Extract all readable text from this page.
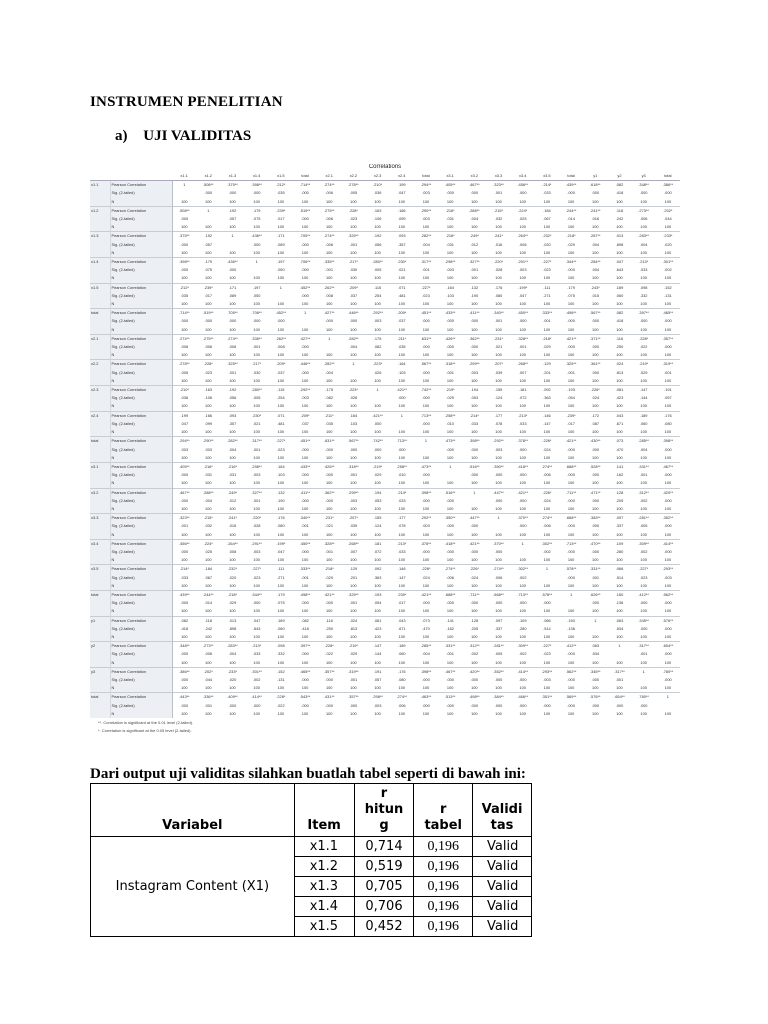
INSTRUMEN PENELITIAN
a) UJI VALIDITAS
Correlations
		x1.1	x1.2	x1.3	x1.4	x1.5	total	x2.1	x2.2	x2.3	x2.4	total	x3.1	x3.2	x3.3	x3.4	x3.5	total	y1	y2	y3	total
x1.1	Pearson Correlation	1	.508**	.375**	.398**	.212*	.714**	.274**	.278**	.210*	.199	.294**	.405**	.467**	.323**	.456**	.214*	.439**	.618**	.082	.348**	.386**
	Sig. (2-tailed)		.000	.000	.000	.035	.000	.006	.005	.036	.047	.003	.000	.000	.001	.000	.033	.000	.000	.418	.000	.000
	N	100	100	100	100	100	100	100	100	100	100	100	100	100	100	100	100	100	100	100	100	100
x1.2	Pearson Correlation	.508**	1	.192	.179	.239*	.519**	.275**	.228*	.163	.166	.290**	.216*	.288**	.215*	.224*	.184	.244**	.241**	.118	.273**	.202*
	Sig. (2-tailed)	.000		.057	.075	.017	.000	.006	.023	.106	.099	.003	.031	.004	.032	.025	.067	.014	.016	.242	.006	.044
	N	100	100	100	100	100	100	100	100	100	100	100	100	100	100	100	100	100	100	100	100	100
x1.3	Pearson Correlation	.375**	.192	1	.436**	.171	.705**	.274**	.325**	.192	.093	.282**	.216*	.249*	.241*	.264**	.232*	.218*	.287**	.013	.283**	.233*
	Sig. (2-tailed)	.000	.057		.000	.089	.000	.006	.001	.056	.357	.004	.031	.012	.016	.008	.020	.029	.004	.898	.004	.020
	N	100	100	100	100	100	100	100	100	100	100	100	100	100	100	100	100	100	100	100	100	100
x1.4	Pearson Correlation	.398**	.179	.436**	1	.197	.706**	.335**	.217*	.280**	.230*	.317**	.298**	.327**	.220*	.291**	.227*	.344**	.284**	.047	.213*	.301**
	Sig. (2-tailed)	.000	.075	.000		.050	.000	.001	.030	.005	.021	.001	.003	.001	.028	.003	.023	.000	.004	.643	.033	.002
	N	100	100	100	100	100	100	100	100	100	100	100	100	100	100	100	100	100	100	100	100	100
x1.5	Pearson Correlation	.212*	.239*	.171	.197	1	.452**	.262**	.209*	.115	.071	.227*	.164	.132	.176	.199*	.111	.179	.243*	.189	.098	.152
	Sig. (2-tailed)	.035	.017	.089	.050		.000	.008	.037	.254	.481	.023	.103	.190	.080	.047	.271	.075	.015	.060	.332	.131
	N	100	100	100	100	100	100	100	100	100	100	100	100	100	100	100	100	100	100	100	100	100
total	Pearson Correlation	.714**	.519**	.705**	.706**	.452**	1	.427**	.446**	.292**	.209*	.451**	.433**	.411**	.340**	.450**	.333**	.498**	.567**	.082	.397**	.465**
	Sig. (2-tailed)	.000	.000	.000	.000	.000		.000	.000	.003	.037	.000	.000	.000	.001	.000	.001	.000	.000	.418	.000	.000
	N	100	100	100	100	100	100	100	100	100	100	100	100	100	100	100	100	100	100	100	100	100
x2.1	Pearson Correlation	.274**	.275**	.274**	.335**	.262**	.427**	1	.282**	.175	.211*	.631**	.426**	.362**	.231*	.328**	.218*	.421**	.371**	.116	.228*	.357**
	Sig. (2-tailed)	.006	.006	.006	.001	.008	.000		.004	.082	.035	.000	.000	.000	.021	.001	.029	.000	.000	.250	.022	.000
	N	100	100	100	100	100	100	100	100	100	100	100	100	100	100	100	100	100	100	100	100	100
x2.2	Pearson Correlation	.278**	.228*	.325**	.217*	.209*	.446**	.282**	1	.223*	.164	.567**	.318**	.299**	.207*	.268**	.129	.325**	.361**	.024	.219*	.319**
	Sig. (2-tailed)	.005	.023	.001	.030	.037	.000	.004		.026	.103	.000	.001	.003	.039	.007	.201	.001	.000	.813	.029	.001
	N	100	100	100	100	100	100	100	100	100	100	100	100	100	100	100	100	100	100	100	100	100
x2.3	Pearson Correlation	.210*	.163	.192	.280**	.115	.292**	.175	.223*	1	.421**	.742**	.219*	.194	.155	.181	.092	.193	.226*	.081	.147	.191
	Sig. (2-tailed)	.036	.106	.056	.005	.254	.003	.082	.026		.000	.000	.029	.053	.124	.072	.363	.054	.024	.423	.144	.057
	N	100	100	100	100	100	100	100	100	100	100	100	100	100	100	100	100	100	100	100	100	100
x2.4	Pearson Correlation	.199	.166	.093	.230*	.071	.209*	.211*	.164	.421**	1	.713**	.258**	.214*	.177	.213*	.146	.239*	.172	.043	.189	.176
	Sig. (2-tailed)	.047	.099	.357	.021	.481	.037	.035	.103	.000		.000	.010	.033	.078	.033	.147	.017	.087	.671	.060	.080
	N	100	100	100	100	100	100	100	100	100	100	100	100	100	100	100	100	100	100	100	100	100
total	Pearson Correlation	.294**	.290**	.282**	.317**	.227*	.451**	.631**	.567**	.742**	.713**	1	.473**	.398**	.292**	.378**	.226*	.421**	.430**	.073	.285**	.398**
	Sig. (2-tailed)	.003	.003	.004	.001	.023	.000	.000	.000	.000	.000		.000	.000	.003	.000	.024	.000	.000	.470	.004	.000
	N	100	100	100	100	100	100	100	100	100	100	100	100	100	100	100	100	100	100	100	100	100
x3.1	Pearson Correlation	.405**	.216*	.216*	.298**	.164	.433**	.426**	.318**	.219*	.258**	.473**	1	.516**	.350**	.418**	.274**	.688**	.528**	.141	.331**	.467**
	Sig. (2-tailed)	.000	.031	.031	.003	.103	.000	.000	.001	.029	.010	.000		.000	.000	.000	.006	.000	.000	.162	.001	.000
	N	100	100	100	100	100	100	100	100	100	100	100	100	100	100	100	100	100	100	100	100	100
x3.2	Pearson Correlation	.467**	.288**	.249*	.327**	.132	.411**	.362**	.299**	.194	.214*	.398**	.516**	1	.447**	.421**	.226*	.711**	.471**	.128	.312**	.420**
	Sig. (2-tailed)	.000	.004	.012	.001	.190	.000	.000	.003	.053	.033	.000	.000		.000	.000	.024	.000	.000	.205	.002	.000
	N	100	100	100	100	100	100	100	100	100	100	100	100	100	100	100	100	100	100	100	100	100
x3.3	Pearson Correlation	.323**	.215*	.241*	.220*	.176	.340**	.231*	.207*	.155	.177	.292**	.350**	.447**	1	.370**	.274**	.668**	.383**	.097	.281**	.352**
	Sig. (2-tailed)	.001	.032	.016	.028	.080	.001	.021	.039	.124	.078	.003	.000	.000		.000	.006	.000	.000	.337	.005	.000
	N	100	100	100	100	100	100	100	100	100	100	100	100	100	100	100	100	100	100	100	100	100
x3.4	Pearson Correlation	.456**	.224*	.264**	.291**	.199*	.450**	.328**	.268**	.181	.213*	.378**	.418**	.421**	.370**	1	.302**	.713**	.470**	.109	.309**	.414**
	Sig. (2-tailed)	.000	.025	.008	.003	.047	.000	.001	.007	.072	.033	.000	.000	.000	.000		.002	.000	.000	.280	.002	.000
	N	100	100	100	100	100	100	100	100	100	100	100	100	100	100	100	100	100	100	100	100	100
x3.5	Pearson Correlation	.214*	.184	.232*	.227*	.111	.333**	.218*	.129	.092	.146	.226*	.274**	.226*	.274**	.302**	1	.578**	.331**	.066	.227*	.293**
	Sig. (2-tailed)	.033	.067	.020	.023	.271	.001	.029	.201	.363	.147	.024	.006	.024	.006	.002		.000	.001	.514	.023	.003
	N	100	100	100	100	100	100	100	100	100	100	100	100	100	100	100	100	100	100	100	100	100
total	Pearson Correlation	.439**	.244**	.218*	.344**	.179	.498**	.421**	.325**	.193	.239*	.421**	.688**	.711**	.668**	.713**	.578**	1	.626**	.150	.412**	.562**
	Sig. (2-tailed)	.000	.014	.029	.000	.075	.000	.000	.001	.054	.017	.000	.000	.000	.000	.000	.000		.000	.136	.000	.000
	N	100	100	100	100	100	100	100	100	100	100	100	100	100	100	100	100	100	100	100	100	100
y1	Pearson Correlation	.082	.118	.013	.047	.189	.082	.116	.024	.081	.043	.073	.141	.128	.097	.109	.066	.150	1	.063	.345**	.576**
	Sig. (2-tailed)	.418	.242	.898	.643	.060	.418	.250	.813	.423	.671	.470	.162	.205	.337	.280	.514	.136		.534	.000	.000
	N	100	100	100	100	100	100	100	100	100	100	100	100	100	100	100	100	100	100	100	100	100
y2	Pearson Correlation	.348**	.273**	.283**	.213*	.098	.397**	.228*	.219*	.147	.189	.285**	.331**	.312**	.281**	.309**	.227*	.412**	.063	1	.317**	.654**
	Sig. (2-tailed)	.000	.006	.004	.033	.332	.000	.022	.029	.144	.060	.004	.001	.002	.005	.002	.023	.000	.534		.001	.000
	N	100	100	100	100	100	100	100	100	100	100	100	100	100	100	100	100	100	100	100	100	100
y3	Pearson Correlation	.386**	.202*	.233*	.301**	.152	.465**	.357**	.319**	.191	.176	.398**	.467**	.420**	.352**	.414**	.293**	.562**	.345**	.317**	1	.780**
	Sig. (2-tailed)	.000	.044	.020	.002	.131	.000	.000	.001	.057	.080	.000	.000	.000	.000	.000	.003	.000	.000	.001		.000
	N	100	100	100	100	100	100	100	100	100	100	100	100	100	100	100	100	100	100	100	100	100
total	Pearson Correlation	.443**	.336**	.409**	.414**	.228*	.543**	.431**	.357**	.298**	.274**	.463**	.513**	.498**	.384**	.466**	.351**	.589**	.576**	.654**	.780**	1
	Sig. (2-tailed)	.000	.001	.000	.000	.022	.000	.000	.000	.003	.006	.000	.000	.000	.000	.000	.000	.000	.000	.000	.000	
	N	100	100	100	100	100	100	100	100	100	100	100	100	100	100	100	100	100	100	100	100	100
**. Correlation is significant at the 0.01 level (2-tailed).
*. Correlation is significant at the 0.05 level (2-tailed).
Dari output uji validitas silahkan buatlah tabel seperti di bawah ini:
Variabel	Item	r hitun g	r tabel	Validi tas
Instagram Content (X1)	x1.1	0,714	0,196	Valid
	x1.2	0,519	0,196	Valid
	x1.3	0,705	0,196	Valid
	x1.4	0,706	0,196	Valid
	x1.5	0,452	0,196	Valid
